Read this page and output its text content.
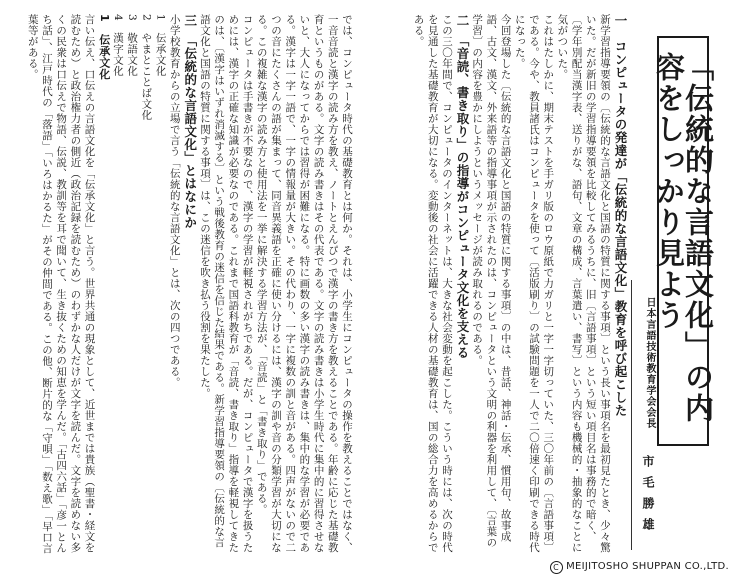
「伝統的な言語文化」の内容をしっかり見よう
日本言語技術教育学会会長
市毛勝雄

一　コンピュータの発達が「伝統的な言語文化」教育を呼び起こした

新学習指導要領の〔伝統的な言語文化と国語の特質に関する事項〕という長い事項名を最初見たとき、少々驚いた。だが新旧の学習指導要領を比較してみるうちに、旧〔言語事項〕という短い項目名は事務的で暗く、〔学年別配当漢字表、送りがな、語句、文章の構成、言葉遣い、書写〕という内容も機械的・抽象的なことに気がついた。

これはたしかに、期末テストを手ガリ版のロウ原紙で力ガリと一字一字切っていた、三〇年前の〔言語事項〕である。今や、教員諸氏はコンピュータを使って〔活版刷り〕の試験問題を一人で二〇倍速く印刷できる時代になった。

今回登場した〔伝統的な言語文化と国語の特質に関する事項〕の中は、昔話、神話・伝承、慣用句、故事成語、古文、漢文、外来語等の指導事項が示されたのは、コンピュータという文明の利器を利用して、〔言葉の学習〕の内容を豊かにしようというメッセージが読み取れるのである。

二　「音読、書き取り」の指導がコンピュータ文化を支える

この三〇年間で、コンピュータのインターネットは、大きな社会変動を起こした。こういう時には、次の時代を見通した基礎教育が大切になる。変動後の社会に活躍できる人材の基礎教育は、国の総合力を高めるからである。

では、コンピュータ時代の基礎教育とは何か。それは、小学生にコンピュータの操作を教えることではなく、一音音読と漢字の読み方を教え、ノートとえんぴつで漢字の書き方を教えることである。年齢に応じた基礎教育というものがある。文字の読み書きはその代表である。文字の読み書きは小学生時代に集中的に習得させないと、大人になってからでは習得が困難になる。特に画数の多い漢字の読み書きは、集中的な学習が必要である。漢字は一字一語で、一字の情報量が大きい。その代わり、一字に複数の訓と音がある。四声がないので二つの音にたくさんの語が集まって、同音異義語を正確に使い分けるには、漢字の訓や音の分類学習が大切になる。この複雑な漢字の読み方と使用法を一挙に解決する学習方法が、「音読」と「書き取り」である。

コンピュータは手書きが不要なので、漢字の学習が軽視されがちである。だが、コンピュータで漢字を扱うためには、漢字の正確な知識が必要なのである。これまで国語科教育が「音読、書き取り」指導を軽視してきたのは、〔漢字はいずれ消滅する〕という戦後教育の迷信を信じた結果である。新学習指導要領の〔伝統的な言語文化と国語の特質に関する事項〕は、この迷信を吹き払う役割を果たした。

三　「伝統的な言語文化」とはなにか

小学校教育からの立場で言う「伝統的な言語文化」とは、次の四つである。

1　伝承文化

2　やまとことば文化

3　敬語文化

4　漢字文化

1　伝承文化

言い伝え、口伝えの言語文化を「伝承文化」と言う。世界共通の現象として、近世までは貴族（聖書・経文を読むため）と政治権力者の側近（政治記録を読むため）のわずかな人だけが文字を読んだ。文字を読めない多くの民衆は口伝えで物語、伝説、教訓等を耳で聞いて、生き抜くための知恵を学んだ。「古四六話」「彦一とんち話」、江戸時代の「落語」「いろはかるた」がその仲間である。この他、断片的な「守唄」「数え歌」「早口言葉等がある。

C MEIJITOSHO SHUPPAN CO.,LTD.
